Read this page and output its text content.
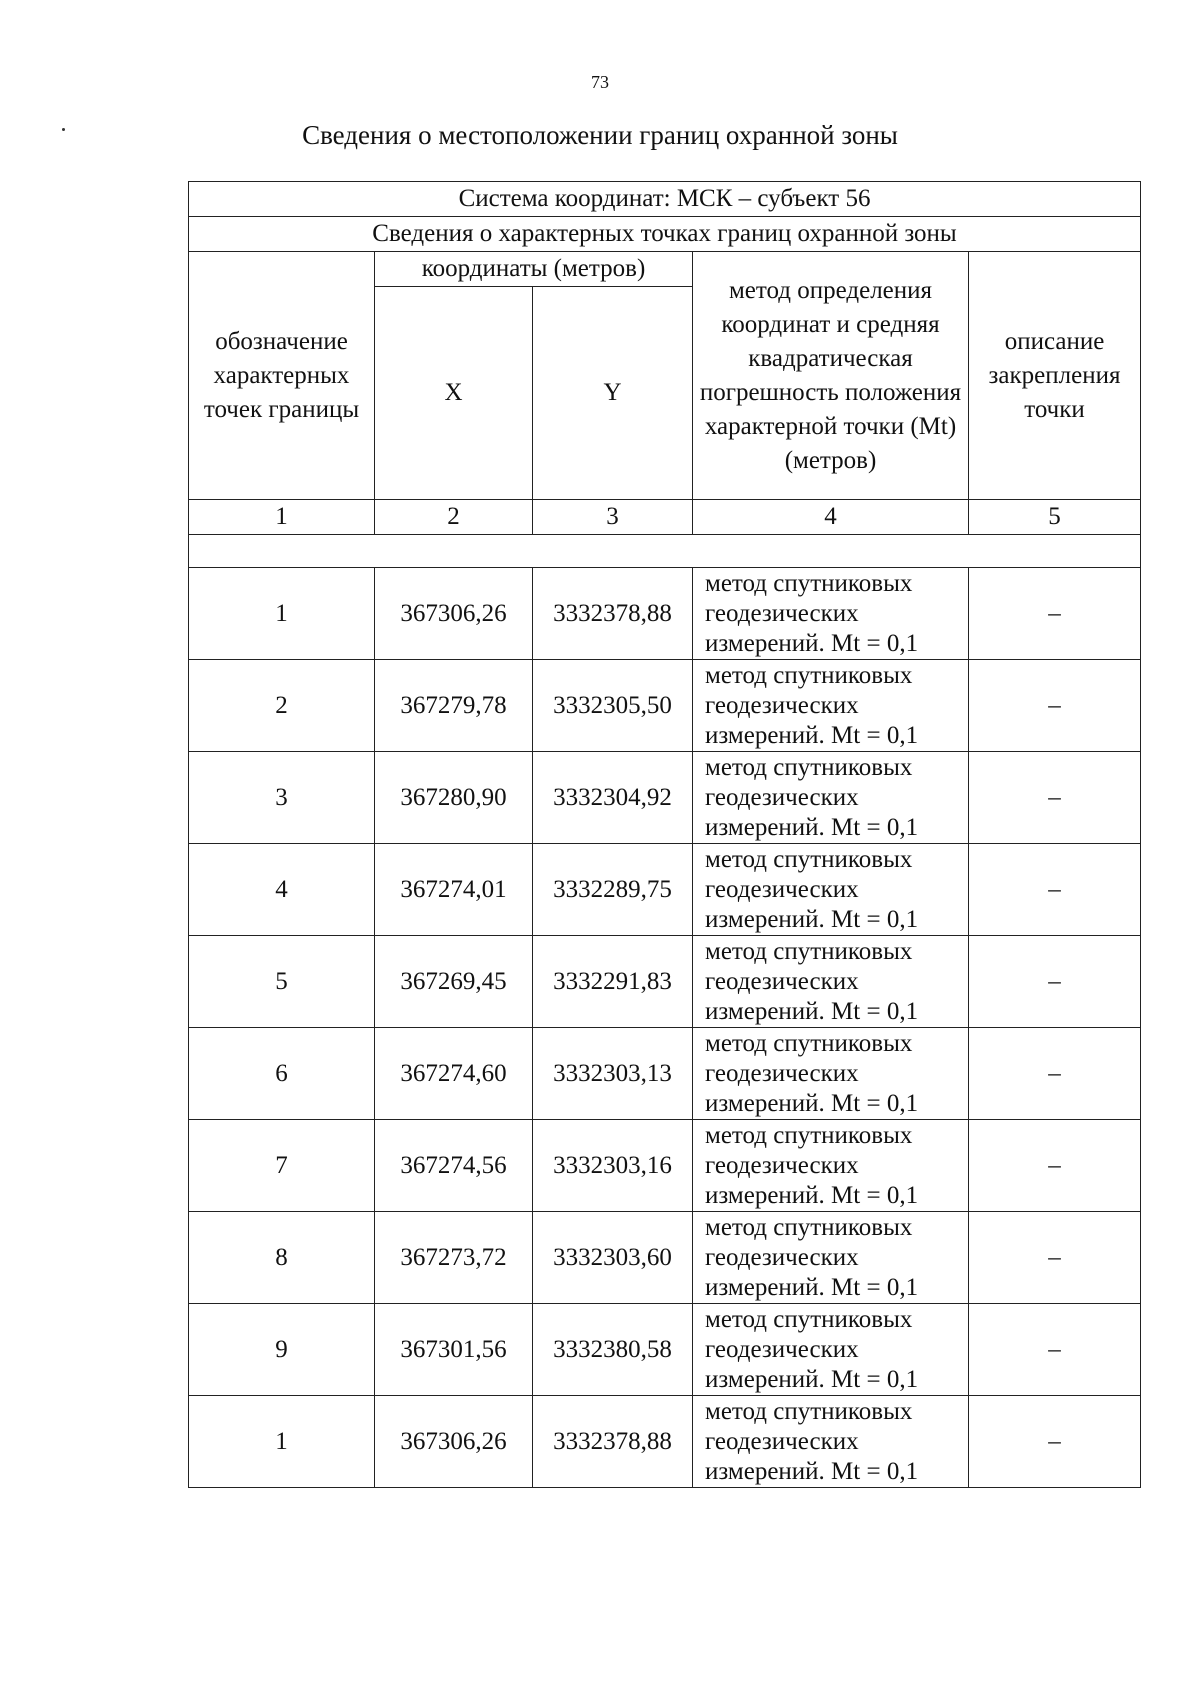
73
Сведения о местоположении границ охранной зоны
Система координат: МСК – субъект 56				
Сведения о характерных точках границ охранной зоны				
обозначение характерных точек границы	координаты (метров)		метод определения координат и средняя квадратическая погрешность положения характерной точки (Mt) (метров)	описание закрепления точки
	X	Y		
1	2	3	4	5

1	367306,26	3332378,88	метод спутниковых геодезических измерений. Mt = 0,1	–
2	367279,78	3332305,50	метод спутниковых геодезических измерений. Mt = 0,1	–
3	367280,90	3332304,92	метод спутниковых геодезических измерений. Mt = 0,1	–
4	367274,01	3332289,75	метод спутниковых геодезических измерений. Mt = 0,1	–
5	367269,45	3332291,83	метод спутниковых геодезических измерений. Mt = 0,1	–
6	367274,60	3332303,13	метод спутниковых геодезических измерений. Mt = 0,1	–
7	367274,56	3332303,16	метод спутниковых геодезических измерений. Mt = 0,1	–
8	367273,72	3332303,60	метод спутниковых геодезических измерений. Mt = 0,1	–
9	367301,56	3332380,58	метод спутниковых геодезических измерений. Mt = 0,1	–
1	367306,26	3332378,88	метод спутниковых геодезических измерений. Mt = 0,1	–
